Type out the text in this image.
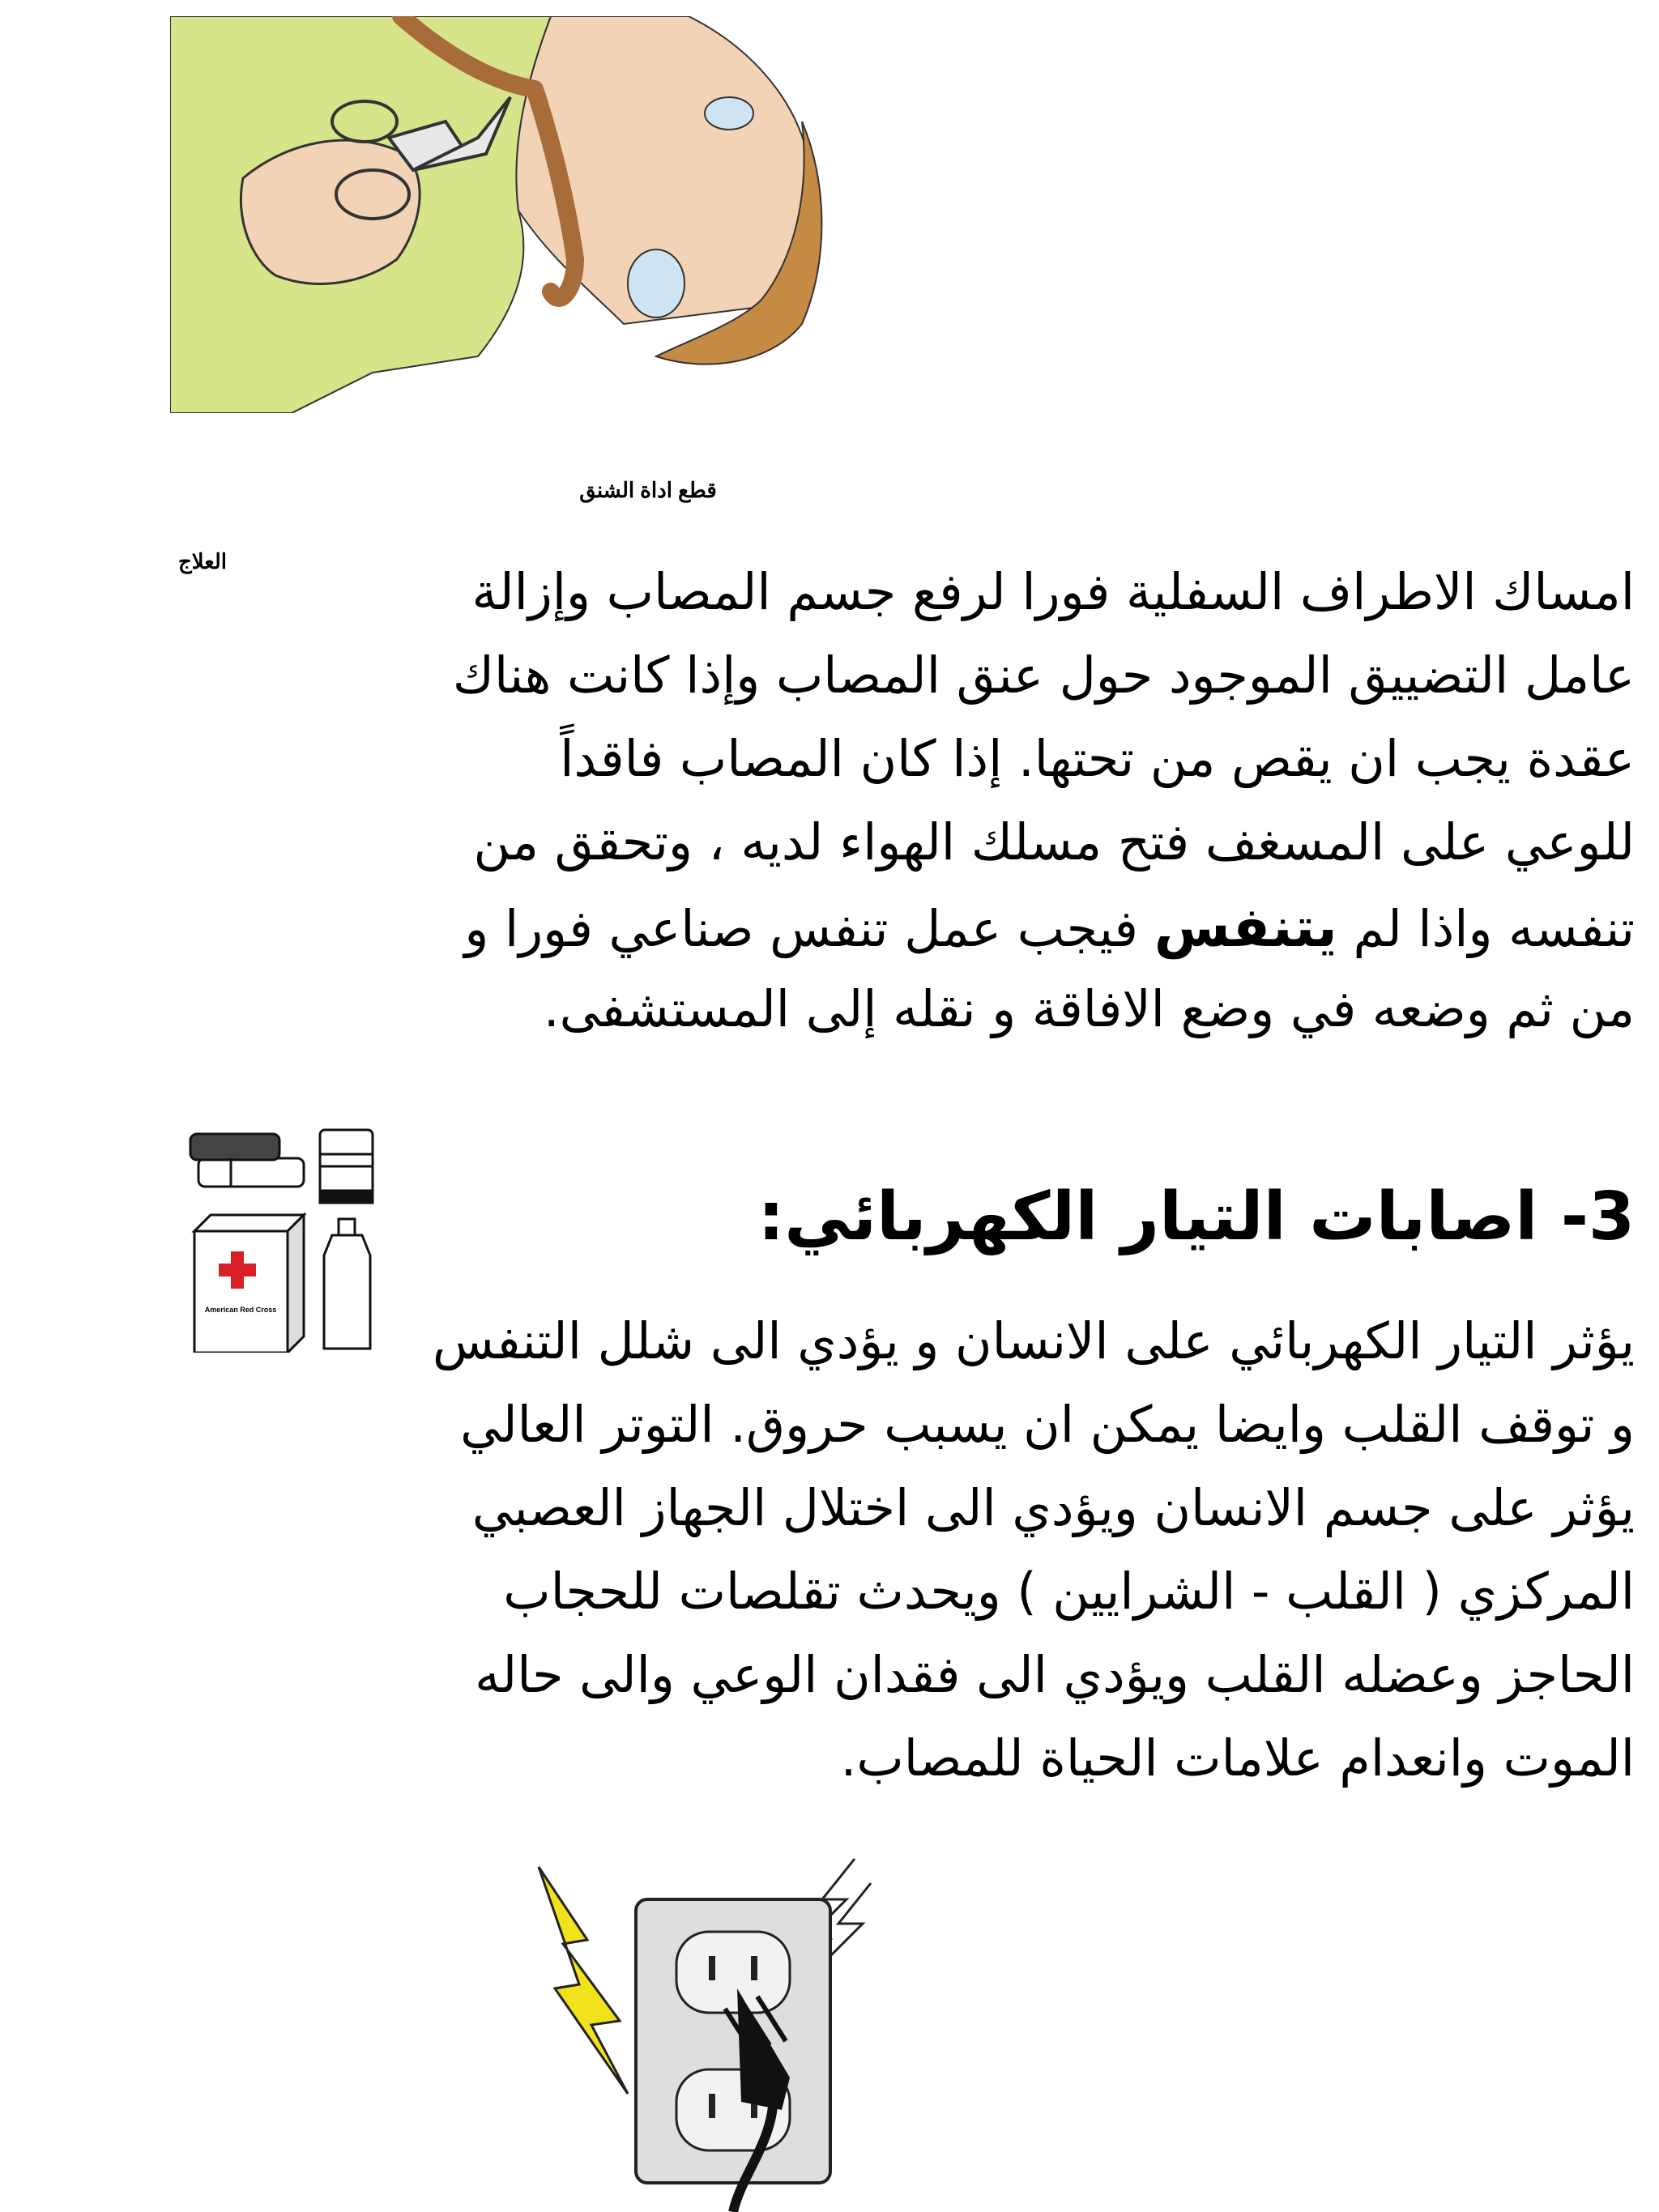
قطع اداة الشنق
العلاج
امساك الاطراف السفلية فورا لرفع جسم المصاب وإزالة
عامل التضييق الموجود حول عنق المصاب وإذا كانت هناك
عقدة يجب ان يقص من تحتها. إذا كان المصاب فاقداً
للوعي على المسغف فتح مسلك الهواء لديه ، وتحقق من
تنفسه واذا لم يتنفس فيجب عمل تنفس صناعي فورا و
من ثم وضعه في وضع الافاقة و نقله إلى المستشفى.
American Red Cross
3- اصابات التيار الكهربائي:
يؤثر التيار الكهربائي على الانسان و يؤدي الى شلل التنفس
و توقف القلب وايضا يمكن ان يسبب حروق. التوتر العالي
يؤثر على جسم الانسان ويؤدي الى اختلال الجهاز العصبي
المركزي ( القلب - الشرايين ) ويحدث تقلصات للحجاب
الحاجز وعضله القلب ويؤدي الى فقدان الوعي والى حاله
الموت وانعدام علامات الحياة للمصاب.
